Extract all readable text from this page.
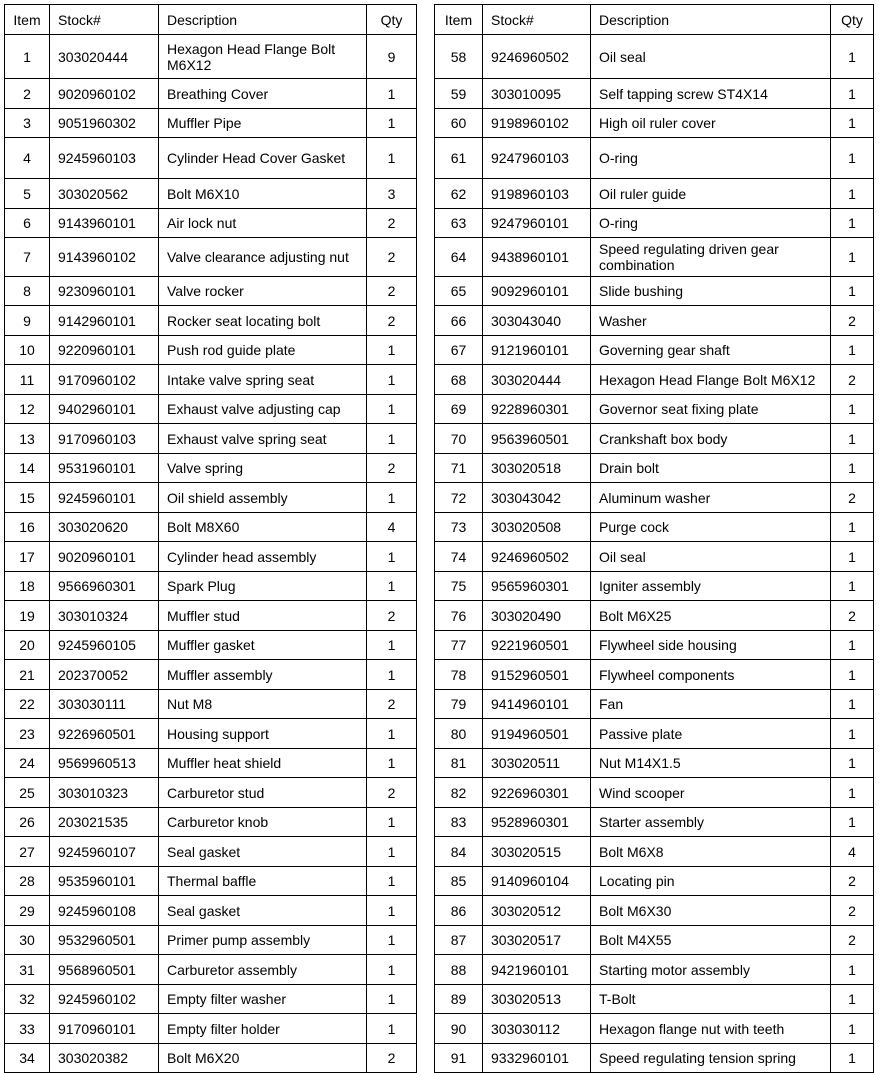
Item	Stock#	Description	Qty
1	303020444	Hexagon Head Flange Bolt M6X12	9
2	9020960102	Breathing Cover	1
3	9051960302	Muffler Pipe	1
4	9245960103	Cylinder Head Cover Gasket	1
5	303020562	Bolt M6X10	3
6	9143960101	Air lock nut	2
7	9143960102	Valve clearance adjusting nut	2
8	9230960101	Valve rocker	2
9	9142960101	Rocker seat locating bolt	2
10	9220960101	Push rod guide plate	1
11	9170960102	Intake valve spring seat	1
12	9402960101	Exhaust valve adjusting cap	1
13	9170960103	Exhaust valve spring seat	1
14	9531960101	Valve spring	2
15	9245960101	Oil shield assembly	1
16	303020620	Bolt M8X60	4
17	9020960101	Cylinder head assembly	1
18	9566960301	Spark Plug	1
19	303010324	Muffler stud	2
20	9245960105	Muffler gasket	1
21	202370052	Muffler assembly	1
22	303030111	Nut M8	2
23	9226960501	Housing support	1
24	9569960513	Muffler heat shield	1
25	303010323	Carburetor stud	2
26	203021535	Carburetor knob	1
27	9245960107	Seal gasket	1
28	9535960101	Thermal baffle	1
29	9245960108	Seal gasket	1
30	9532960501	Primer pump assembly	1
31	9568960501	Carburetor assembly	1
32	9245960102	Empty filter washer	1
33	9170960101	Empty filter holder	1
34	303020382	Bolt M6X20	2
Item	Stock#	Description	Qty
58	9246960502	Oil seal	1
59	303010095	Self tapping screw ST4X14	1
60	9198960102	High oil ruler cover	1
61	9247960103	O-ring	1
62	9198960103	Oil ruler guide	1
63	9247960101	O-ring	1
64	9438960101	Speed regulating driven gear combination	1
65	9092960101	Slide bushing	1
66	303043040	Washer	2
67	9121960101	Governing gear shaft	1
68	303020444	Hexagon Head Flange Bolt M6X12	2
69	9228960301	Governor seat fixing plate	1
70	9563960501	Crankshaft box body	1
71	303020518	Drain bolt	1
72	303043042	Aluminum washer	2
73	303020508	Purge cock	1
74	9246960502	Oil seal	1
75	9565960301	Igniter assembly	1
76	303020490	Bolt M6X25	2
77	9221960501	Flywheel side housing	1
78	9152960501	Flywheel components	1
79	9414960101	Fan	1
80	9194960501	Passive plate	1
81	303020511	Nut M14X1.5	1
82	9226960301	Wind scooper	1
83	9528960301	Starter assembly	1
84	303020515	Bolt M6X8	4
85	9140960104	Locating pin	2
86	303020512	Bolt M6X30	2
87	303020517	Bolt M4X55	2
88	9421960101	Starting motor assembly	1
89	303020513	T-Bolt	1
90	303030112	Hexagon flange nut with teeth	1
91	9332960101	Speed regulating tension spring	1
